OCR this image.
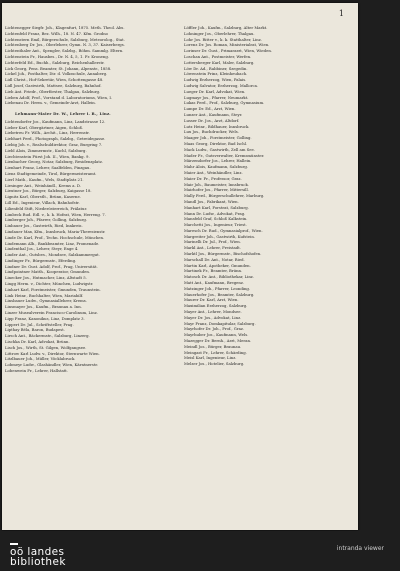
1
Lichtenegger Siegfr. Joh., Klagenfurt, 1875. Meth. Theol. Abs.
Lichtenfeld Franz, Bez. Wilh., 18. N. 47. Kfm. Grodno
Lichtenstern Emil, Bürgerschule, Salzburg, Meteorolog., Stat.
Lichtenberg Dr. Jos., Oberlehrer, Gymn. N. 3, 37. Kaiserbergs.
Lichtenthaler Ant., Spengler, Salzbg., Böhm. Sammlg. Eltern.
Lichtenstein Fr., Hausbes., Dr. N. 4, 5, 1. Fr. Kroneng.
Lichterfeld Ed., Buchh., Salzburg, Reichenhallerstr.
Lick Georg, Pens. Beamter, St. Johann, Alpenstr., 1858.
Lickel Joh., Posthalter, Dir. d. Volksschule, Annaberg.
Lidl Christ., Hof-Sekretär, Wien, Schottengasse 48.
Lidl Josef, Gastwirth, Mattsee, Salzburg, Bahnhof.
Lieb Ant. Friedr., Oberförster, Thalgau, Salzburg.
Lieben Adolf, Prof., Vorstand d. Laboratoriums, Wien, I.
Liebenau Dr. Herm. v., Gemeinde-Arzt, Hallein.
Lehmann-Maier Dr. W., Lehrer i. R., Linz.
Lichtendorfer Jos., Kaufmann, Linz, Landstrasse 12.
Lieber Karl, Obergärtner, Aigen, Schloß.
Liebetreu Fr. Wilh., Archit., Linz, Herrenstr.
Liebhart Ferd., Photograph, Salzbg., Getreidegasse.
Liebig Joh. v., Realschuldirektor, Graz, Burgring 7.
Liebl Alois, Zimmermstr., Kuchl, Salzburg.
Liechtenstein Fürst Joh. II., Wien, Bankg. 9.
Lienbacher Georg, Notar, Salzburg, Residenzplatz.
Lienhart Franz, Lehrer, Saalfelden, Pinzgau.
Lienz Stadtgemeinde, Tirol, Bürgermeisteramt.
Lierl Math., Kaufm., Wels, Stadtplatz 21.
Liesinger Ant., Weinhändl., Krems a. D.
Lieutner Jos., Bürger, Salzburg, Kaigasse 18.
Lignitz Karl, Oberstlt., Brünn, Kaserne.
Lill Ed., Ingenieur, Villach, Bahnhofstr.
Lilienfeld Stift, Niederösterreich, Prälatur.
Limbeck Rud. Edl. v., k. k. Hofrat, Wien, Herreng. 7.
Limberger Joh., Pfarrer, Golling, Salzburg.
Linbauer Jos., Gastwirth, Ried, Innkreis.
Lindauer Max, Kfm., Innsbruck, Maria-Theresienstr.
Linde Dr. Karl, Prof., Techn. Hochschule, München.
Lindemann Alb., Bankbeamter, Linz, Promenade.
Lindenthal Jos., Lehrer, Steyr, Enge 4.
Linder Ant., Gutsbes., Mondsee, Salzkammergut.
Lindinger Fr., Bürgermstr., Eferding.
Lindner Dr. Gust. Adolf, Prof., Prag, Universität.
Lindpointner Matth., Kooperator, Gmunden.
Linecker Jos., Hutmacher, Linz, Altstadt 5.
Lingg Herm. v., Dichter, München, Ludwigstr.
Linhart Karl, Forstmeister, Gmunden, Traunstein.
Link Heinr., Buchhalter, Wien, Mariahilf.
Linsbauer Ludw., Gymnasiallehrer, Krems.
Linsmayer Jos., Kaufm., Braunau a. Inn.
Linzer Musealverein Francisco-Carolinum, Linz.
Lipp Franz, Kanonikus, Linz, Domplatz 3.
Lippert Dr. Jul., Schriftsteller, Prag.
Lipthay Béla, Baron, Budapest.
Lirsch Ant., Bäckermstr., Salzburg, Linzerg.
Lischka Dr. Karl, Advokat, Brünn.
Lisch Jos., Wirth, St. Gilgen, Wolfgangsee.
Littrow Karl Ludw. v., Direktor, Sternwarte Wien.
Litzlbauer Joh., Müller, Vöcklabruck.
Lobmeyr Ludw., Glashändler, Wien, Kärntnerstr.
Lobenwein Fr., Lehrer, Hallstatt.
Löffler Joh., Kaufm., Salzburg, Alter Markt.
Lohninger Jos., Oberlehrer, Thalgau.
Lohr Jos. Ritter v., k. k. Statthalter, Linz.
Lorenz Dr. Jos. Roman, Ministerialrat, Wien.
Lorinser Dr. Gust., Primararzt, Wien, Wieden.
Loschan Ant., Postmeister, Werfen.
Lottersberger Karl, Maler, Salzburg.
Löw Dr. Ad., Rabbiner, Szegedin.
Löwenstein Prinz, Kleinheubach.
Ludwig Erzherzog, Wien, Palais.
Ludwig Salvator, Erzherzog, Mallorca.
Lueger Dr. Karl, Advokat, Wien.
Lugmayr Jos., Pfarrer, Neumarkt.
Lukas Ferd., Prof., Salzburg, Gymnasium.
Lumpe Dr. Ed., Arzt, Wien.
Lunzer Ant., Kaufmann, Steyr.
Lusser Dr. Jos., Arzt, Altdorf.
Lutz Heinr., Bildhauer, Innsbruck.
Lux Jos., Buchdrucker, Wels.
Maager Joh., Forstmeister, Golling.
Maas Georg, Direktor, Bad Ischl.
Mack Ludw., Gastwirth, Zell am See.
Mader Fr., Gutsverwalter, Kremsmünster.
Märzendorfer Jos., Lehrer, Hallein.
Mahr Alois, Kaufmann, Salzburg.
Maier Ant., Weinhändler, Linz.
Maier Dr. Fr., Professor, Graz.
Mair Joh., Baumeister, Innsbruck.
Mairhofer Jos., Pfarrer, Mittersill.
Mally Ferd., Bürgerschullehrer, Marburg.
Mandl Jos., Fabrikant, Wien.
Manhart Karl, Forstrat, Salzburg.
Mann Dr. Ludw., Advokat, Prag.
Mansfeld Graf, Schloß Kalkstein.
Marchetti Jos., Ingenieur, Triest.
Maresch Dr. Rud., Gymnasialprof., Wien.
Margreiter Joh., Gastwirth, Kufstein.
Marinelli Dr. Jul., Prof., Wien.
Markl Ant., Lehrer, Freistadt.
Marktl Jos., Bürgermstr., Bischofshofen.
Marschall Dr. Ant., Notar, Ried.
Martin Karl, Apotheker, Gmunden.
Martinek Fr., Beamter, Brünn.
Matosch Dr. Ant., Bibliothekar, Linz.
Matt Ant., Kaufmann, Bregenz.
Matzinger Joh., Pfarrer, Leonding.
Mauerhofer Jos., Beamter, Salzburg.
Maurer Dr. Karl, Arzt, Wien.
Maximilian Erzherzog, Salzburg.
Mayer Ant., Lehrer, Mondsee.
Mayer Dr. Jos., Advokat, Linz.
Mayr Franz, Domkapitular, Salzburg.
Mayrhofer Dr. Joh., Prof., Graz.
Mayrhuber Jos., Kaufmann, Wels.
Mazegger Dr. Bernh., Arzt, Meran.
Meindl Jos., Bürger, Braunau.
Meingast Fr., Lehrer, Schärding.
Meisl Karl, Ingenieur, Linz.
Melzer Jos., Hotelier, Salzburg.
oö landes
bibliothek
intranda viewer
